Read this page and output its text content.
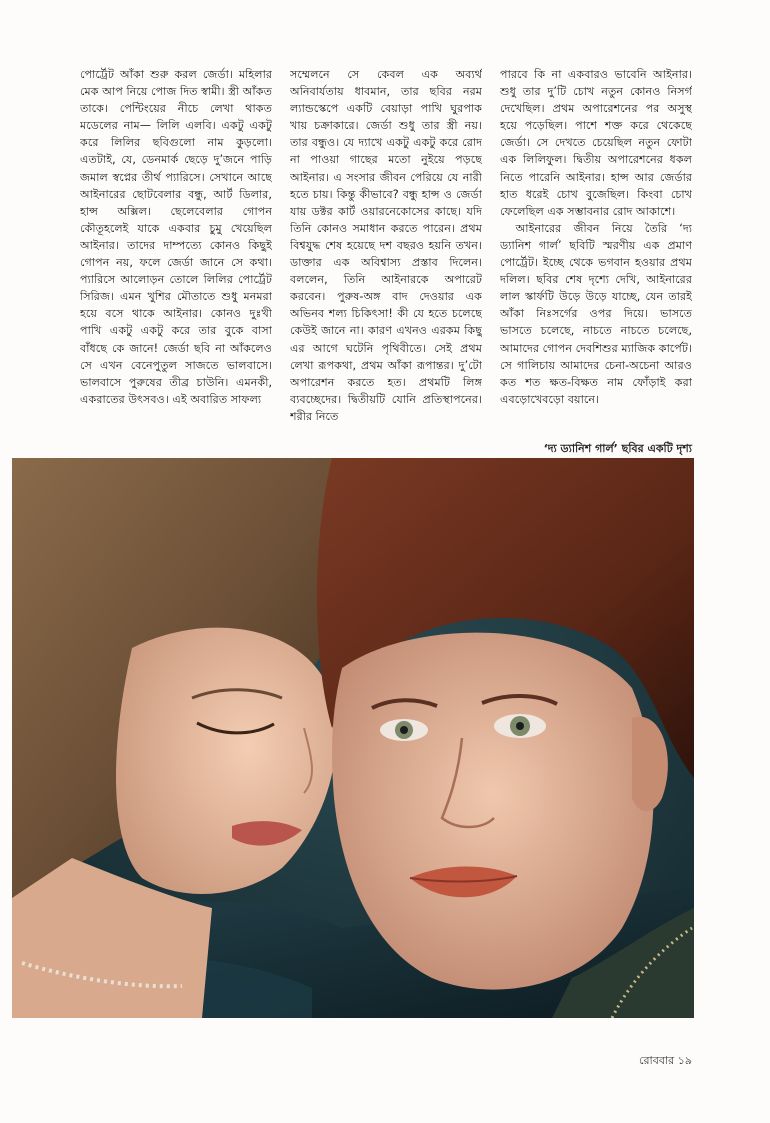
পোর্ট্রেট আঁকা শুরু করল জের্ডা। মহিলার মেক আপ নিয়ে পোজ দিত স্বামী। স্ত্রী আঁকত তাকে। পেন্টিংয়ের নীচে লেখা থাকত মডেলের নাম— লিলি এলবি। একটু একটু করে লিলির ছবিগুলো নাম কুড়লো। এতটাই, যে, ডেনমার্ক ছেড়ে দু’জনে পাড়ি জমাল স্বপ্নের তীর্থ প্যারিসে। সেখানে আছে আইনারের ছোটবেলার বন্ধু, আর্ট ডিলার, হান্স অক্সিল। ছেলেবেলার গোপন কৌতূহলেই যাকে একবার চুমু খেয়েছিল আইনার। তাদের দাম্পত্যে কোনও কিছুই গোপন নয়, ফলে জের্ডা জানে সে কথা। প্যারিসে আলোড়ন তোলে লিলির পোর্ট্রেট সিরিজ। এমন খুশির মৌতাতে শুধু মনমরা হয়ে বসে থাকে আইনার। কোনও দুঃখী পাখি একটু একটু করে তার বুকে বাসা বাঁধছে কে জানে! জের্ডা ছবি না আঁকলেও সে এখন বেনেপুতুল সাজতে ভালবাসে। ভালবাসে পুরুষের তীব্র চাউনি। এমনকী, একরাতের উৎসবও। এই অবারিত সাফল্য

সম্মেলনে সে কেবল এক অব্যর্থ অনিবার্যতায় ধাবমান, তার ছবির নরম ল্যান্ডস্কেপে একটি বেয়াড়া পাখি ঘুরপাক খায় চক্রাকারে। জের্ডা শুধু তার স্ত্রী নয়। তার বন্ধুও। যে দ্যাখে একটু একটু করে রোদ না পাওয়া গাছের মতো নুইয়ে পড়ছে আইনার। এ সংসার জীবন পেরিয়ে যে নারী হতে চায়। কিন্তু কীভাবে? বন্ধু হান্স ও জের্ডা যায় ডক্টর কার্ট ওয়ারনেকোসের কাছে। যদি তিনি কোনও সমাধান করতে পারেন। প্রথম বিশ্বযুদ্ধ শেষ হয়েছে দশ বছরও হয়নি তখন। ডাক্তার এক অবিশ্বাস্য প্রস্তাব দিলেন। বললেন, তিনি আইনারকে অপারেট করবেন। পুরুষ-অঙ্গ বাদ দেওয়ার এক অভিনব শল্য চিকিৎসা! কী যে হতে চলেছে কেউই জানে না। কারণ এখনও এরকম কিছু এর আগে ঘটেনি পৃথিবীতে। সেই প্রথম লেখা রূপকথা, প্রথম আঁকা রূপান্তর। দু’টো অপারেশন করতে হত। প্রথমটি লিঙ্গ ব্যবচ্ছেদের। দ্বিতীয়টি যোনি প্রতিস্থাপনের। শরীর নিতে

পারবে কি না একবারও ভাবেনি আইনার। শুধু তার দু’টি চোখ নতুন কোনও নিসর্গ দেখেছিল। প্রথম অপারেশনের পর অসুস্থ হয়ে পড়েছিল। পাশে শক্ত করে থেকেছে জের্ডা। সে দেখতে চেয়েছিল নতুন ফোটা এক লিলিফুল। দ্বিতীয় অপারেশনের ধকল নিতে পারেনি আইনার। হান্স আর জের্ডার হাত ধরেই চোখ বুজেছিল। কিংবা চোখ ফেলেছিল এক সম্ভাবনার রোদ আকাশে।

আইনারের জীবন নিয়ে তৈরি ‘দ্য ড্যানিশ গার্ল’ ছবিটি স্মরণীয় এক প্রমাণ পোর্ট্রেট। ইচ্ছে থেকে ভগবান হওয়ার প্রথম দলিল। ছবির শেষ দৃশ্যে দেখি, আইনারের লাল স্কার্ফটি উড়ে উড়ে যাচ্ছে, যেন তারই আঁকা নিঃসর্গের ওপর দিয়ে। ভাসতে ভাসতে চলেছে, নাচতে নাচতে চলেছে, আমাদের গোপন দেবশিশুর ম্যাজিক কার্পেট। সে গালিচায় আমাদের চেনা-অচেনা আরও কত শত ক্ষত-বিক্ষত নাম ফোঁড়াই করা এবড়োখেবড়ো বয়ানে।

‘দ্য ড্যানিশ গার্ল’ ছবির একটি দৃশ্য
রোববার ১৯
